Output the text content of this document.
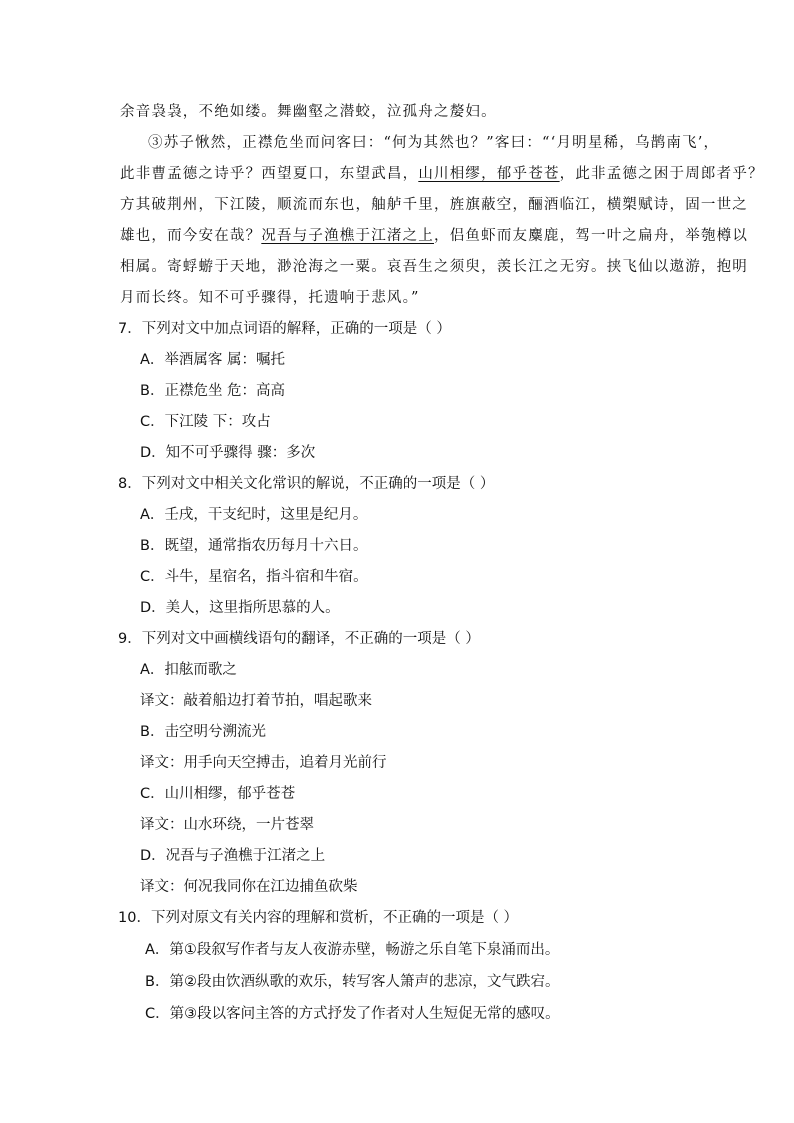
余音袅袅，不绝如缕。舞幽壑之潜蛟，泣孤舟之嫠妇。
③苏子愀然，正襟危坐而问客曰：“何为其然也？”客曰：“‘月明星稀，乌鹊南飞’，
此非曹孟德之诗乎？西望夏口，东望武昌，山川相缪，郁乎苍苍，此非孟德之困于周郎者乎？
方其破荆州，下江陵，顺流而东也，舳舻千里，旌旗蔽空，酾酒临江，横槊赋诗，固一世之
雄也，而今安在哉？况吾与子渔樵于江渚之上，侣鱼虾而友麋鹿，驾一叶之扁舟，举匏樽以
相属。寄蜉蝣于天地，渺沧海之一粟。哀吾生之须臾，羡长江之无穷。挟飞仙以遨游，抱明
月而长终。知不可乎骤得，托遗响于悲风。”
7．下列对文中加点词语的解释，正确的一项是（ ）
A．举酒属客 属：嘱托
B．正襟危坐 危：高高
C．下江陵 下：攻占
D．知不可乎骤得 骤：多次
8．下列对文中相关文化常识的解说，不正确的一项是（ ）
A．壬戌，干支纪时，这里是纪月。
B．既望，通常指农历每月十六日。
C．斗牛，星宿名，指斗宿和牛宿。
D．美人，这里指所思慕的人。
9．下列对文中画横线语句的翻译，不正确的一项是（ ）
A．扣舷而歌之
译文：敲着船边打着节拍，唱起歌来
B．击空明兮溯流光
译文：用手向天空搏击，追着月光前行
C．山川相缪，郁乎苍苍
译文：山水环绕，一片苍翠
D．况吾与子渔樵于江渚之上
译文：何况我同你在江边捕鱼砍柴
10．下列对原文有关内容的理解和赏析，不正确的一项是（ ）
A．第①段叙写作者与友人夜游赤壁，畅游之乐自笔下泉涌而出。
B．第②段由饮酒纵歌的欢乐，转写客人箫声的悲凉，文气跌宕。
C．第③段以客问主答的方式抒发了作者对人生短促无常的感叹。
